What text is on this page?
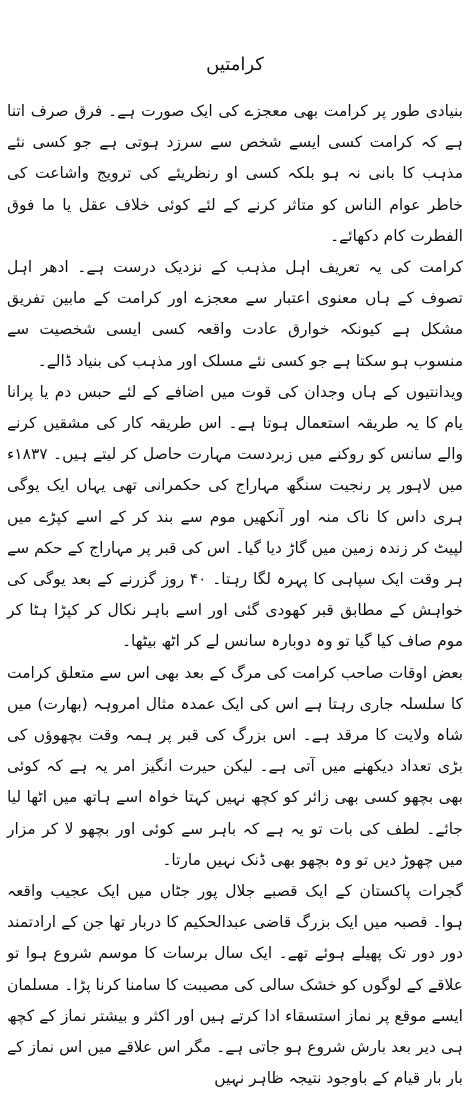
کرامتیں

بنیادی طور پر کرامت بھی معجزے کی ایک صورت ہے۔ فرق صرف اتنا ہے کہ کرامت کسی ایسے شخص سے سرزد ہوتی ہے جو کسی نئے مذہب کا بانی نہ ہو بلکہ کسی او رنظریئے کی ترویج واشاعت کی خاطر عوام الناس کو متاثر کرنے کے لئے کوئی خلاف عقل یا ما فوق الفطرت کام دکھائے۔

کرامت کی یہ تعریف اہل مذہب کے نزدیک درست ہے۔ ادھر اہل تصوف کے ہاں معنوی اعتبار سے معجزے اور کرامت کے مابین تفریق مشکل ہے کیونکہ خوارق عادت واقعہ کسی ایسی شخصیت سے منسوب ہو سکتا ہے جو کسی نئے مسلک اور مذہب کی بنیاد ڈالے۔

ویدانتیوں کے ہاں وجدان کی قوت میں اضافے کے لئے حبس دم یا پرانا یام کا یہ طریقہ استعمال ہوتا ہے۔ اس طریقہ کار کی مشقیں کرنے والے سانس کو روکنے میں زبردست مہارت حاصل کر لیتے ہیں۔ ۱۸۳۷ء میں لاہور پر رنجیت سنگھ مہاراج کی حکمرانی تھی یہاں ایک یوگی ہری داس کا ناک منہ اور آنکھیں موم سے بند کر کے اسے کپڑے میں لپیٹ کر زندہ زمین میں گاڑ دیا گیا۔ اس کی قبر پر مہاراج کے حکم سے ہر وقت ایک سپاہی کا پہرہ لگا رہتا۔ ۴۰ روز گزرنے کے بعد یوگی کی خواہش کے مطابق قبر کھودی گئی اور اسے باہر نکال کر کپڑا ہٹا کر موم صاف کیا گیا تو وہ دوبارہ سانس لے کر اٹھ بیٹھا۔

بعض اوقات صاحب کرامت کی مرگ کے بعد بھی اس سے متعلق کرامت کا سلسلہ جاری رہتا ہے اس کی ایک عمدہ مثال امروہہ (بھارت) میں شاہ ولایت کا مرقد ہے۔ اس بزرگ کی قبر پر ہمہ وقت بچھوؤں کی بڑی تعداد دیکھنے میں آتی ہے۔ لیکن حیرت انگیز امر یہ ہے کہ کوئی بھی بچھو کسی بھی زائر کو کچھ نہیں کہتا خواہ اسے ہاتھ میں اٹھا لیا جائے۔ لطف کی بات تو یہ ہے کہ باہر سے کوئی اور بچھو لا کر مزار میں چھوڑ دیں تو وہ بچھو بھی ڈنک نہیں مارتا۔

گجرات پاکستان کے ایک قصبے جلال پور جٹاں میں ایک عجیب واقعہ ہوا۔ قصبہ میں ایک بزرگ قاضی عبدالحکیم کا دربار تھا جن کے ارادتمند دور دور تک پھیلے ہوئے تھے۔ ایک سال برسات کا موسم شروع ہوا تو علاقے کے لوگوں کو خشک سالی کی مصیبت کا سامنا کرنا پڑا۔ مسلمان ایسے موقع پر نماز استسقاء ادا کرتے ہیں اور اکثر و بیشتر نماز کے کچھ ہی دیر بعد بارش شروع ہو جاتی ہے۔ مگر اس علاقے میں اس نماز کے بار بار قیام کے باوجود نتیجہ ظاہر نہیں
